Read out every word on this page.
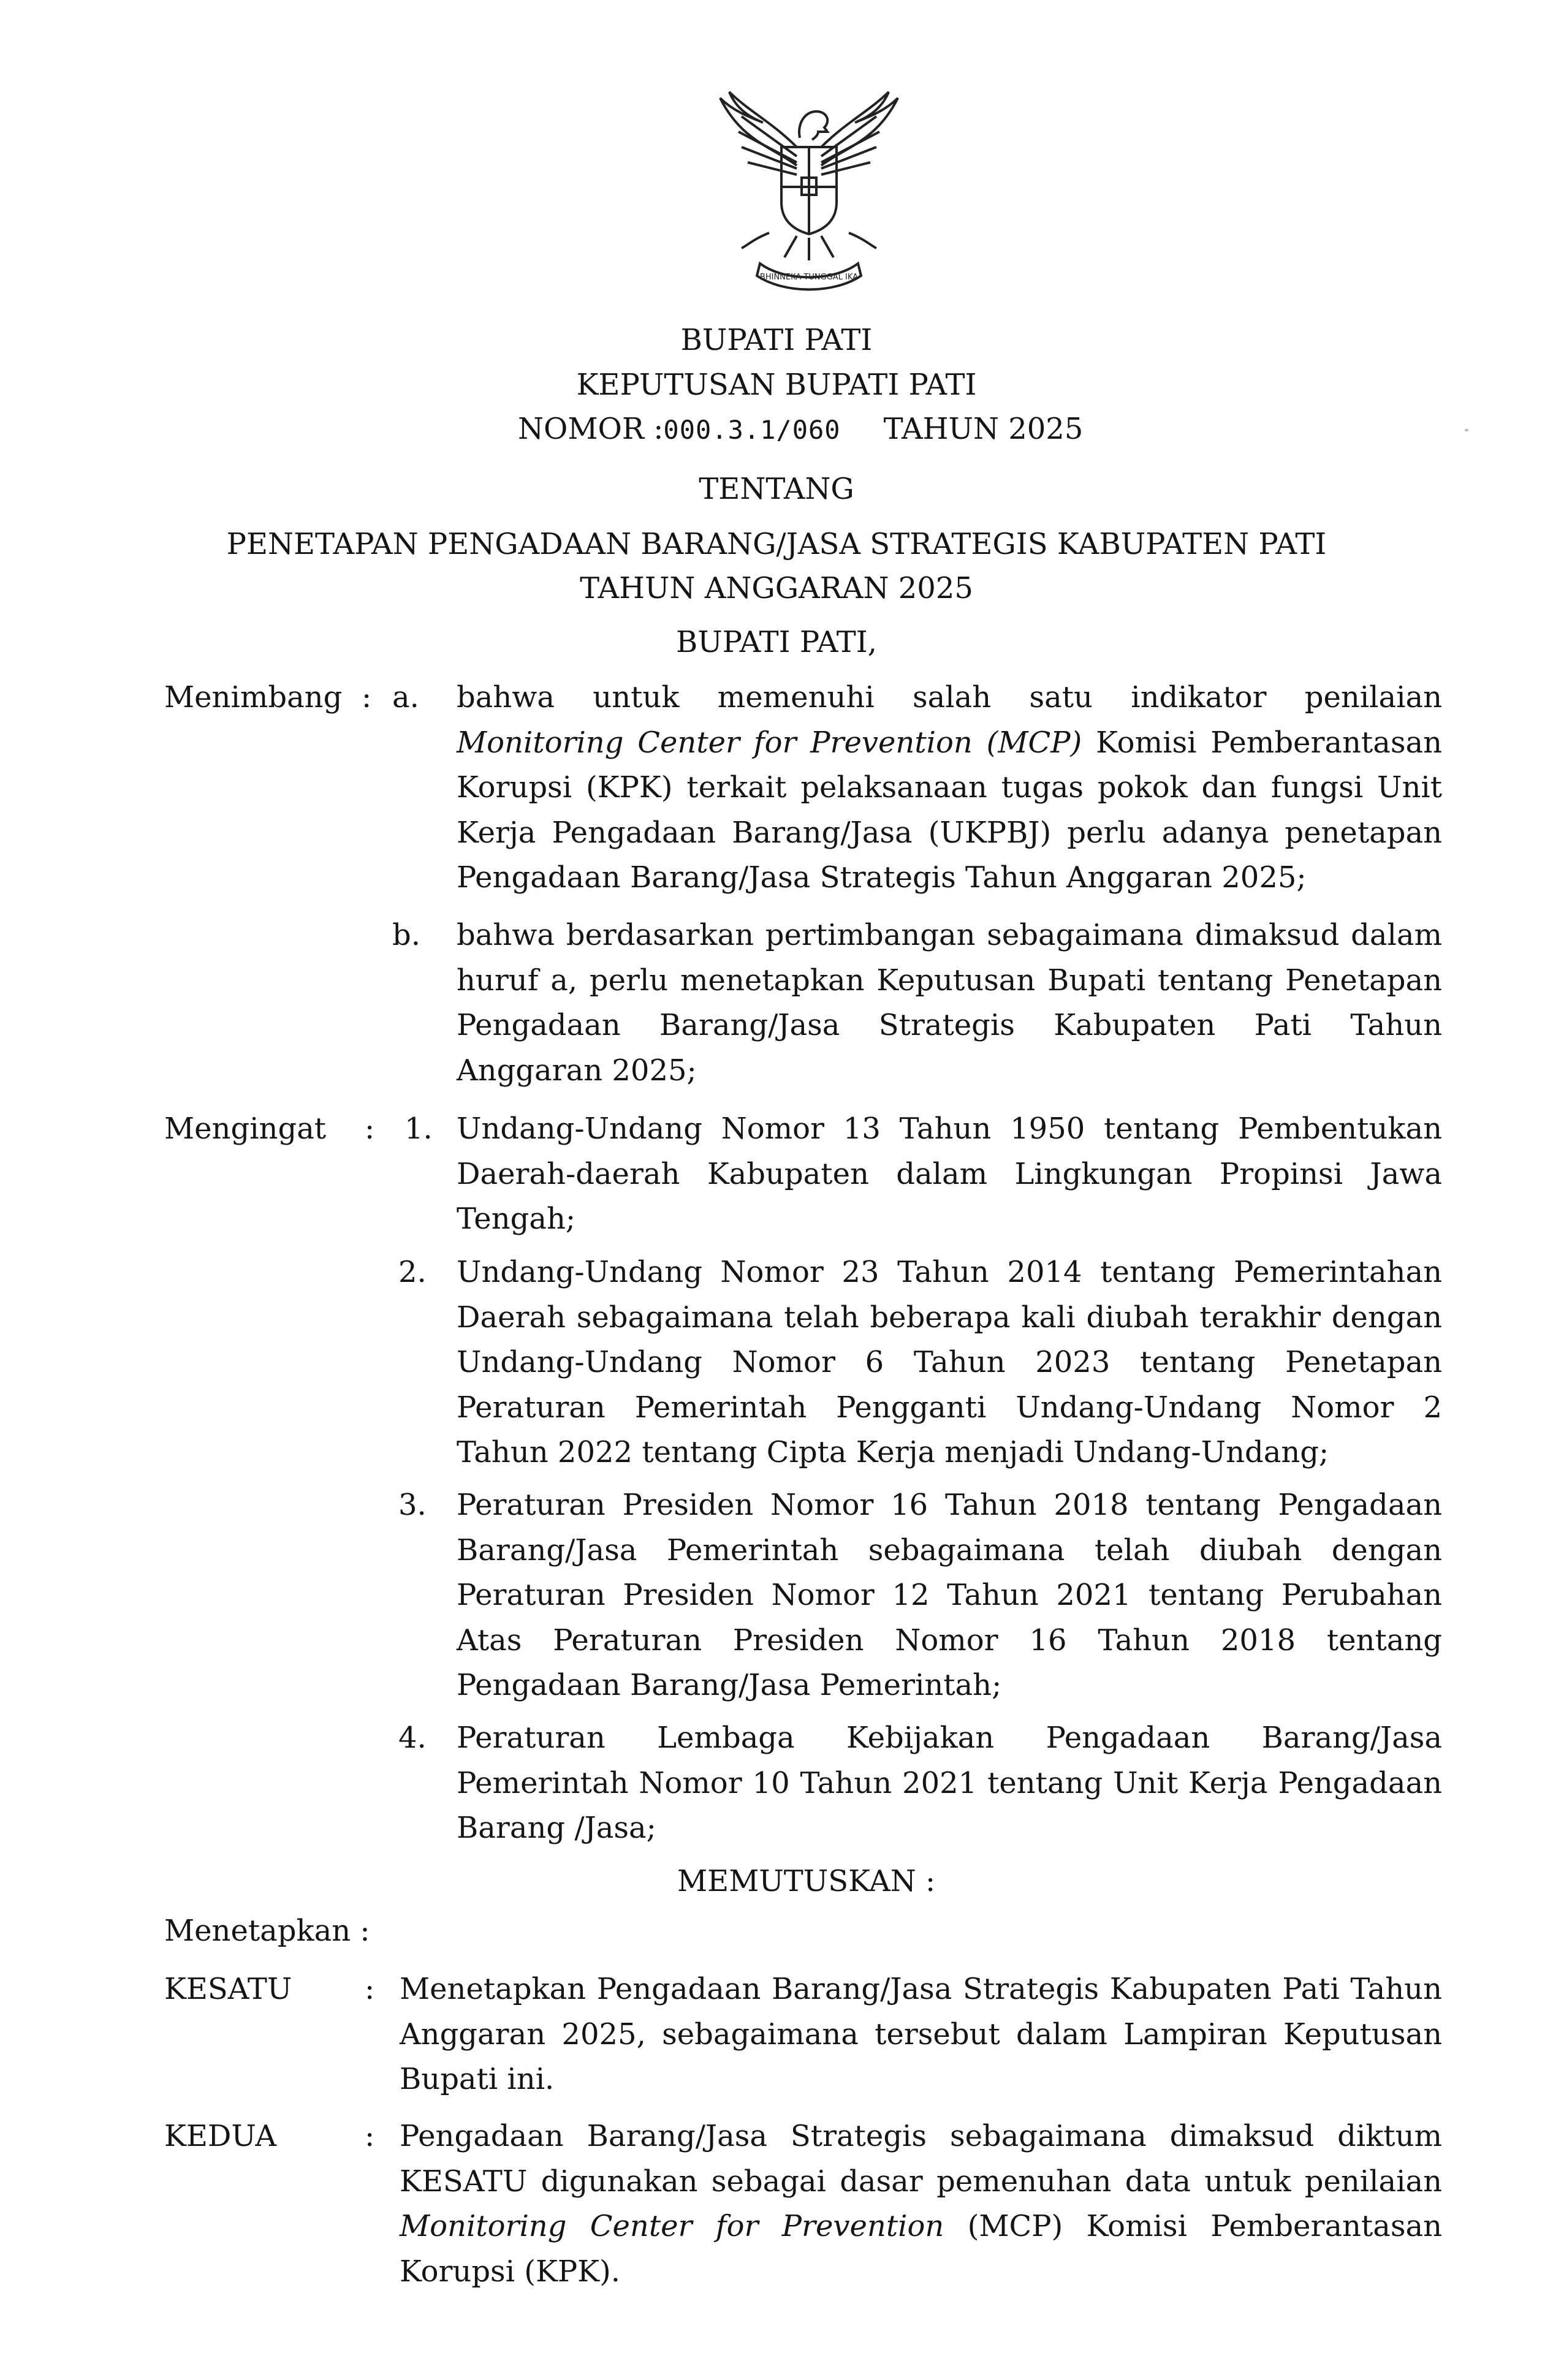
BHINNEKA TUNGGAL IKA
BUPATI PATI
KEPUTUSAN BUPATI PATI
NOMOR :000.3.1/060 TAHUN 2025
TENTANG
PENETAPAN PENGADAAN BARANG/JASA STRATEGIS KABUPATEN PATI
TAHUN ANGGARAN 2025
BUPATI PATI,
Menimbang : a. bahwa untuk memenuhi salah satu indikator penilaian Monitoring Center for Prevention (MCP) Komisi Pemberantasan Korupsi (KPK) terkait pelaksanaan tugas pokok dan fungsi Unit Kerja Pengadaan Barang/Jasa (UKPBJ) perlu adanya penetapan Pengadaan Barang/Jasa Strategis Tahun Anggaran 2025;
b. bahwa berdasarkan pertimbangan sebagaimana dimaksud dalam huruf a, perlu menetapkan Keputusan Bupati tentang Penetapan Pengadaan Barang/Jasa Strategis Kabupaten Pati Tahun Anggaran 2025;
Mengingat : 1. Undang-Undang Nomor 13 Tahun 1950 tentang Pembentukan Daerah-daerah Kabupaten dalam Lingkungan Propinsi Jawa Tengah;
2. Undang-Undang Nomor 23 Tahun 2014 tentang Pemerintahan Daerah sebagaimana telah beberapa kali diubah terakhir dengan Undang-Undang Nomor 6 Tahun 2023 tentang Penetapan Peraturan Pemerintah Pengganti Undang-Undang Nomor 2 Tahun 2022 tentang Cipta Kerja menjadi Undang-Undang;
3. Peraturan Presiden Nomor 16 Tahun 2018 tentang Pengadaan Barang/Jasa Pemerintah sebagaimana telah diubah dengan Peraturan Presiden Nomor 12 Tahun 2021 tentang Perubahan Atas Peraturan Presiden Nomor 16 Tahun 2018 tentang Pengadaan Barang/Jasa Pemerintah;
4. Peraturan Lembaga Kebijakan Pengadaan Barang/Jasa Pemerintah Nomor 10 Tahun 2021 tentang Unit Kerja Pengadaan Barang /Jasa;
MEMUTUSKAN :
Menetapkan :
KESATU : Menetapkan Pengadaan Barang/Jasa Strategis Kabupaten Pati Tahun Anggaran 2025, sebagaimana tersebut dalam Lampiran Keputusan Bupati ini.
KEDUA	: Pengadaan Barang/Jasa Strategis sebagaimana dimaksud diktum KESATU digunakan sebagai dasar pemenuhan data untuk penilaian Monitoring Center for Prevention (MCP) Komisi Pemberantasan Korupsi (KPK).
